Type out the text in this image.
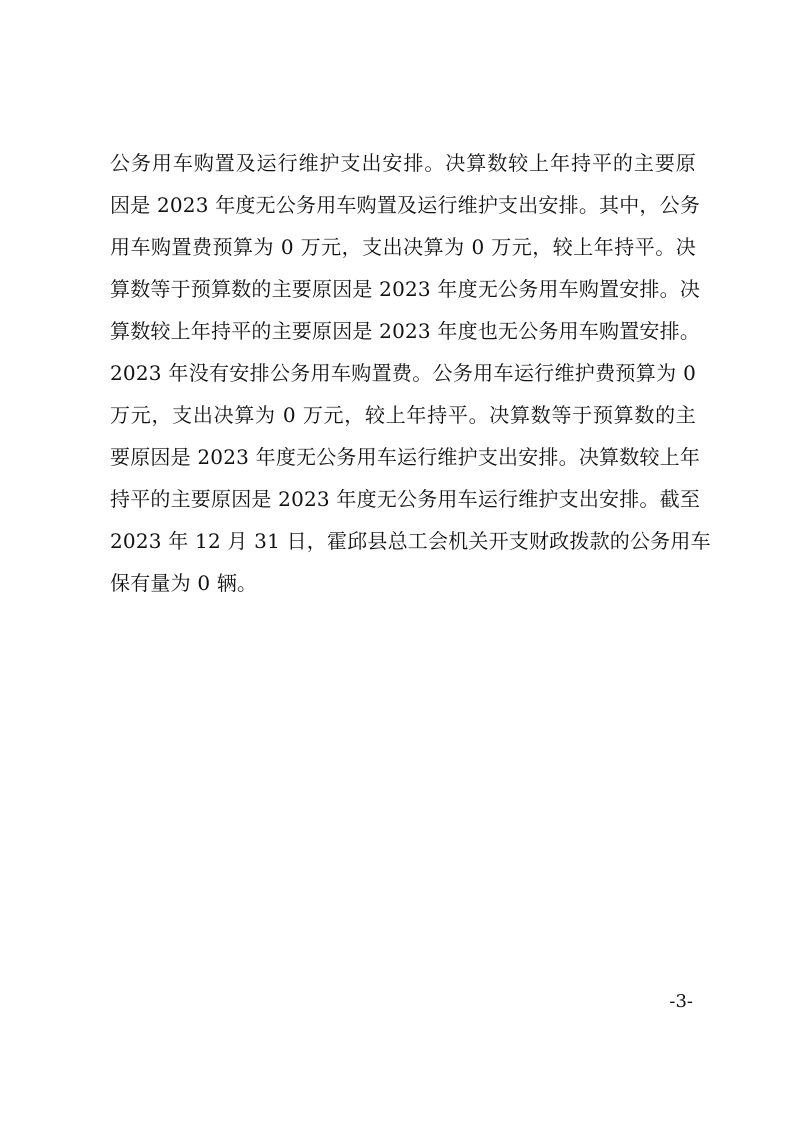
公务用车购置及运行维护支出安排。决算数较上年持平的主要原
因是 2023 年度无公务用车购置及运行维护支出安排。其中，公务
用车购置费预算为 0 万元，支出决算为 0 万元，较上年持平。决
算数等于预算数的主要原因是 2023 年度无公务用车购置安排。决
算数较上年持平的主要原因是 2023 年度也无公务用车购置安排。
2023 年没有安排公务用车购置费。公务用车运行维护费预算为 0
万元，支出决算为 0 万元，较上年持平。决算数等于预算数的主
要原因是 2023 年度无公务用车运行维护支出安排。决算数较上年
持平的主要原因是 2023 年度无公务用车运行维护支出安排。截至
2023 年 12 月 31 日，霍邱县总工会机关开支财政拨款的公务用车
保有量为 0 辆。
-3-
